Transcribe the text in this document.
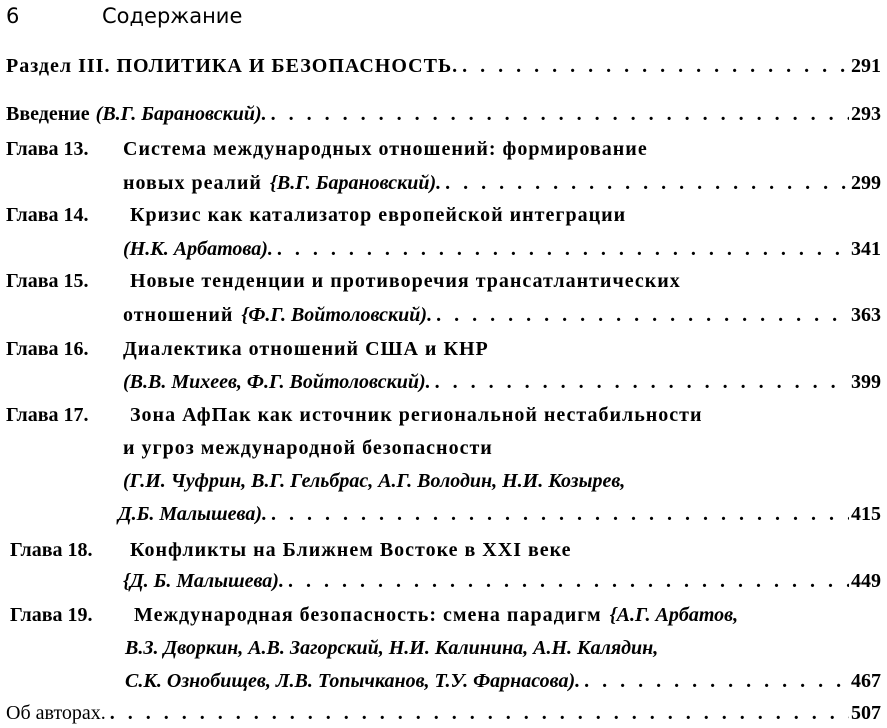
6	Содержание
Раздел III. ПОЛИТИКА И БЕЗОПАСНОСТЬ. . . .	291
Введение (В.Г. Барановский). . . .	293
Глава 13.	Система международных отношений: формирование
новых реалий {В.Г. Барановский). . . .	299
Глава 14.	Кризис как катализатор европейской интеграции
(Н.К. Арбатова). . . .	341
Глава 15.	Новые тенденции и противоречия трансатлантических
отношений {Ф.Г. Войтоловский). . . .	363
Глава 16.	Диалектика отношений США и КНР
(В.В. Михеев, Ф.Г. Войтоловский). . . .	399
Глава 17.	Зона АфПак как источник региональной нестабильности
и угроз международной безопасности
(Г.И. Чуфрин, В.Г. Гельбрас, А.Г. Володин, Н.И. Козырев,
Д.Б. Малышева). . . .	415
Глава 18.	Конфликты на Ближнем Востоке в XXI веке
{Д. Б. Малышева). . . .	449
Глава 19.	Международная безопасность: смена парадигм {А.Г. Арбатов,
В.З. Дворкин, А.В. Загорский, Н.И. Калинина, А.Н. Калядин,
С.К. Ознобищев, Л.В. Топычканов, Т.У. Фарнасова). . . .	467
Об авторах. . . .	507
